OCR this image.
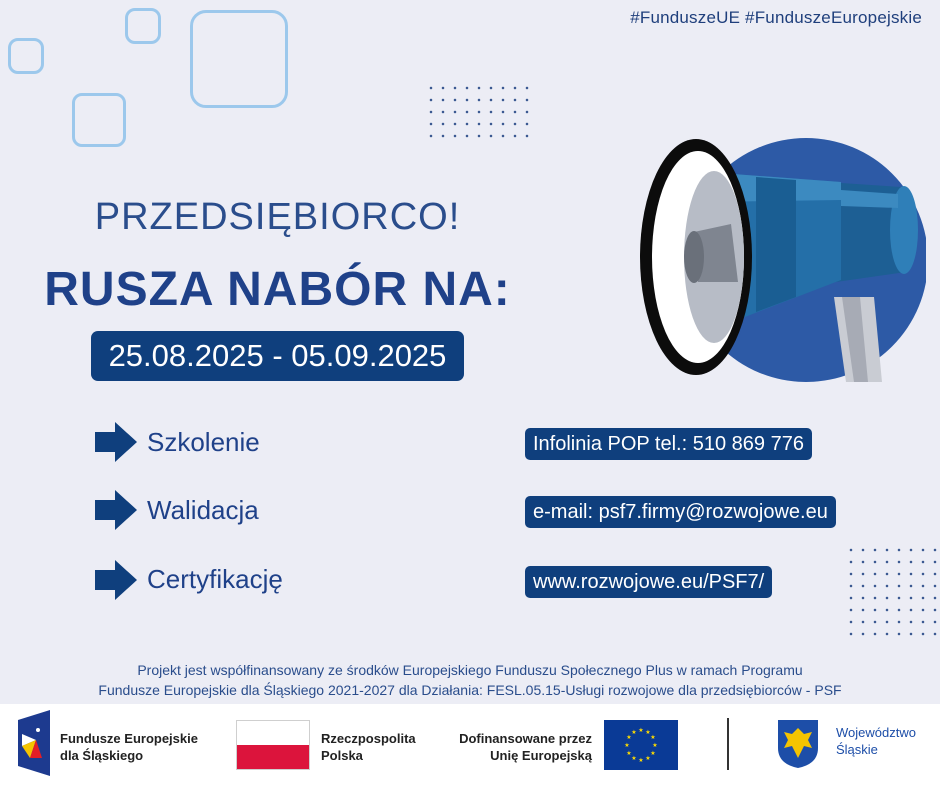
#FunduszeUE #FunduszeEuropejskie
PRZEDSIĘBIORCO!
RUSZA NABÓR NA:
25.08.2025 - 05.09.2025
Szkolenie
Walidacja
Certyfikację
Infolinia POP tel.: 510 869 776
e-mail: psf7.firmy@rozwojowe.eu
www.rozwojowe.eu/PSF7/
Projekt jest współfinansowany ze środków Europejskiego Funduszu Społecznego Plus w ramach Programu
Fundusze Europejskie dla Śląskiego 2021-2027 dla Działania: FESL.05.15-Usługi rozwojowe dla przedsiębiorców - PSF
Fundusze Europejskie
dla Śląskiego
Rzeczpospolita
Polska
Dofinansowane przez
Unię Europejską
★ ★
★
★
★
★
★
★
★
★
★
★	Województwo
Śląskie
